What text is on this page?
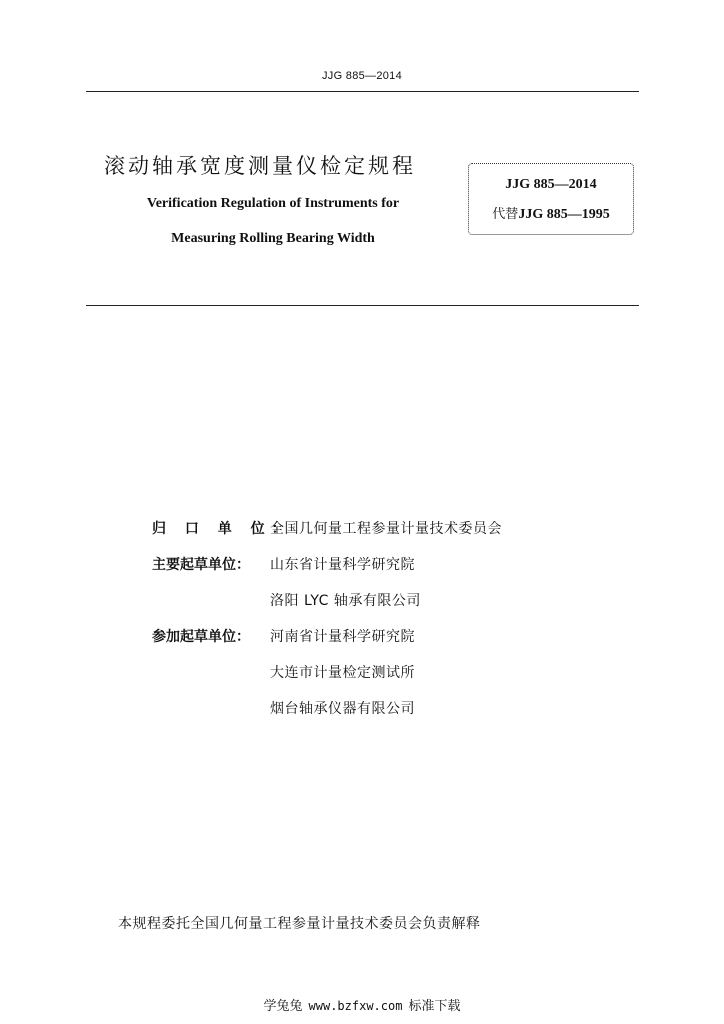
JJG 885—2014
滚动轴承宽度测量仪检定规程
Verification Regulation of Instruments for
Measuring Rolling Bearing Width
JJG 885—2014
代替JJG 885—1995
归 口 单 位：
全国几何量工程参量计量技术委员会
主要起草单位：	山东省计量科学研究院
洛阳 LYC 轴承有限公司
参加起草单位：	河南省计量科学研究院
大连市计量检定测试所
烟台轴承仪器有限公司
本规程委托全国几何量工程参量计量技术委员会负责解释
学兔兔 www.bzfxw.com 标准下载
